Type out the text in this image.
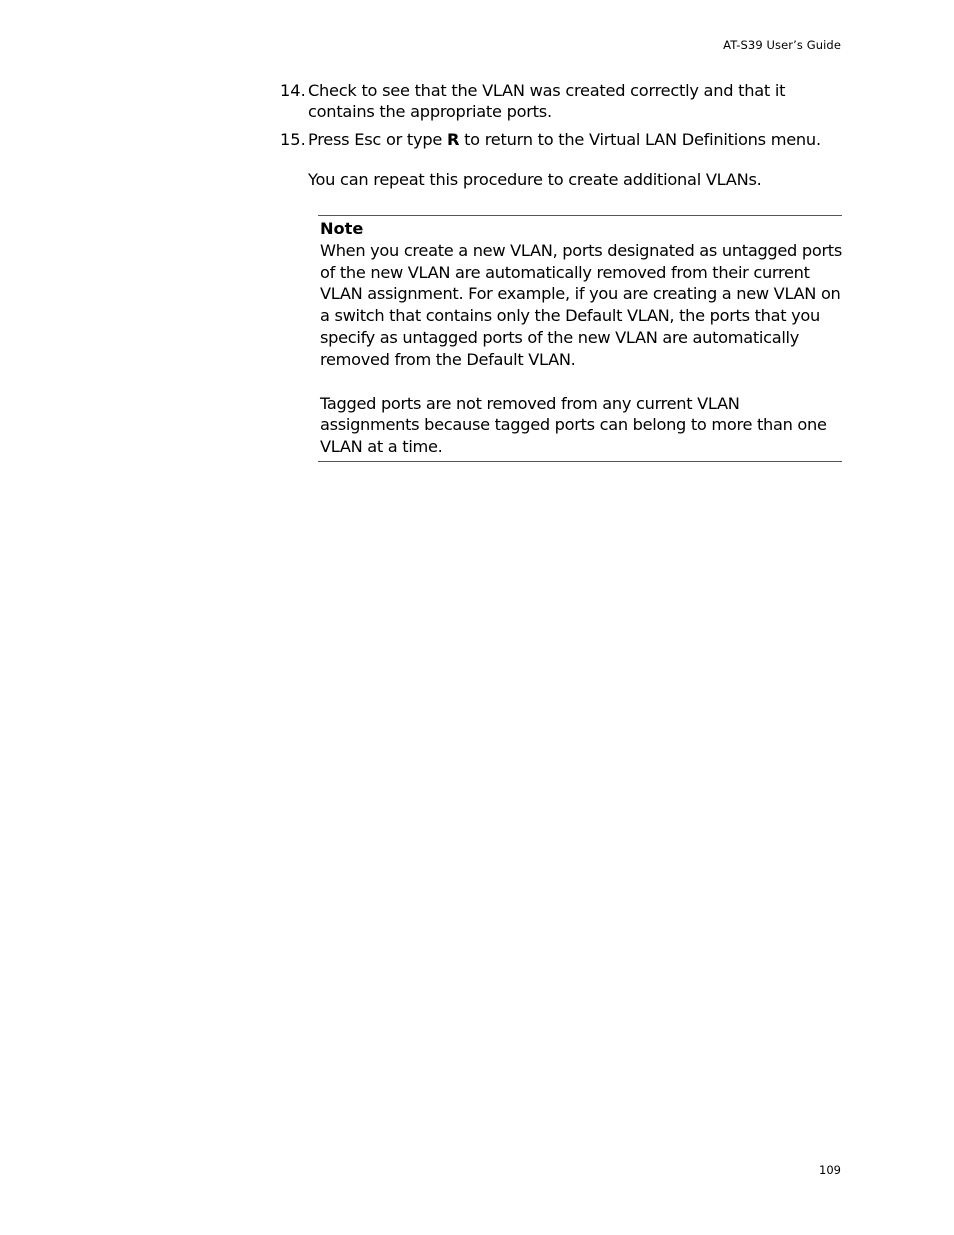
AT-S39 User’s Guide
14. Check to see that the VLAN was created correctly and that it contains the appropriate ports.
15. Press Esc or type R to return to the Virtual LAN Definitions menu.
You can repeat this procedure to create additional VLANs.
Note
When you create a new VLAN, ports designated as untagged ports of the new VLAN are automatically removed from their current VLAN assignment. For example, if you are creating a new VLAN on a switch that contains only the Default VLAN, the ports that you specify as untagged ports of the new VLAN are automatically removed from the Default VLAN.
Tagged ports are not removed from any current VLAN assignments because tagged ports can belong to more than one VLAN at a time.
109
